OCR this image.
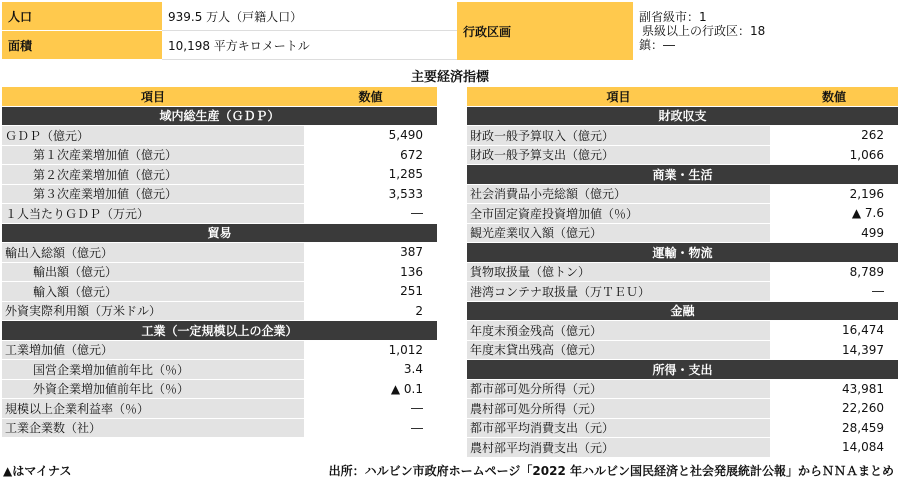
人口	939.5 万人（戸籍人口）
面積	10,198 平方キロメートル
行政区画
副省級市：1
県級以上の行政区：18
鎮：―
主要経済指標
項目	数値
域内総生産（ＧＤＰ）
ＧＤＰ（億元）	5,490
第１次産業増加値（億元）	672
第２次産業増加値（億元）	1,285
第３次産業増加値（億元）	3,533
１人当たりＧＤＰ（万元）	―
貿易
輸出入総額（億元）	387
輸出額（億元）	136
輸入額（億元）	251
外資実際利用額（万米ドル）	2
工業（一定規模以上の企業）
工業増加値（億元）	1,012
国営企業増加値前年比（％）	3.4
外資企業増加値前年比（％）	▲ 0.1
規模以上企業利益率（％）	―
工業企業数（社）	―
項目	数値
財政収支
財政一般予算収入（億元）	262
財政一般予算支出（億元）	1,066
商業・生活
社会消費品小売総額（億元）	2,196
全市固定資産投資増加値（％）	▲ 7.6
観光産業収入額（億元）	499
運輸・物流
貨物取扱量（億トン）	8,789
港湾コンテナ取扱量（万ＴＥＵ）	―
金融
年度末預金残高（億元）	16,474
年度末貸出残高（億元）	14,397
所得・支出
都市部可処分所得（元）	43,981
農村部可処分所得（元）	22,260
都市部平均消費支出（元）	28,459
農村部平均消費支出（元）	14,084
▲はマイナス	出所：ハルビン市政府ホームページ「2022 年ハルビン国民経済と社会発展統計公報」からＮＮＡまとめ
